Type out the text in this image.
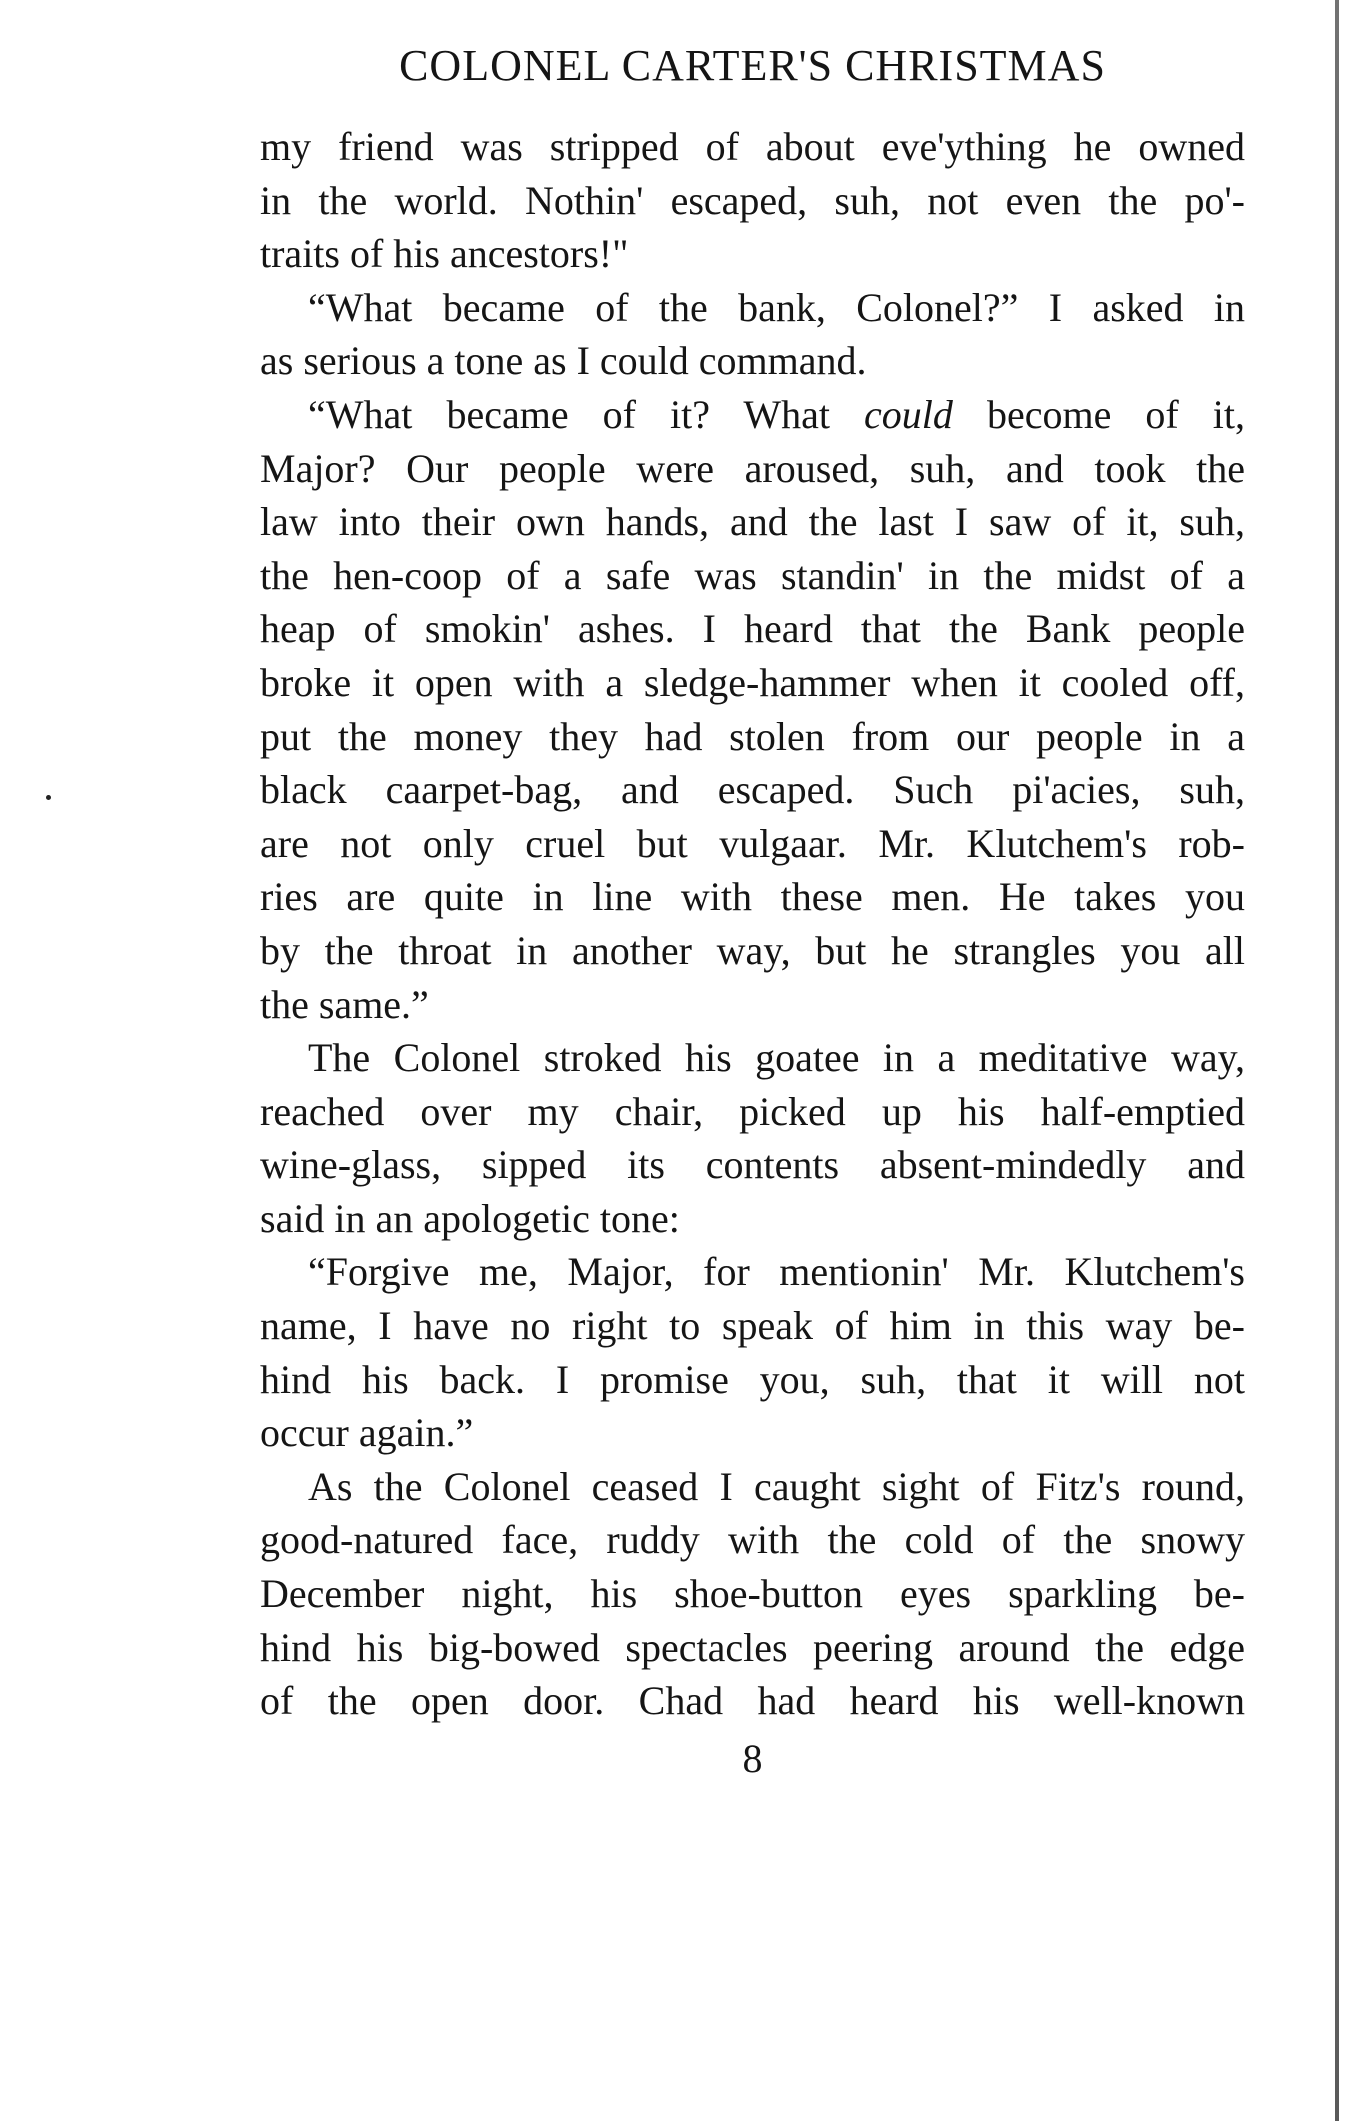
COLONEL CARTER'S CHRISTMAS
my friend was stripped of about eve'ything he owned
in the world. Nothin' escaped, suh, not even the po'-
traits of his ancestors!"
“What became of the bank, Colonel?” I asked in
as serious a tone as I could command.
“What became of it? What could become of it,
Major? Our people were aroused, suh, and took the
law into their own hands, and the last I saw of it, suh,
the hen-coop of a safe was standin' in the midst of a
heap of smokin' ashes. I heard that the Bank people
broke it open with a sledge-hammer when it cooled off,
put the money they had stolen from our people in a
black caarpet-bag, and escaped. Such pi'acies, suh,
are not only cruel but vulgaar. Mr. Klutchem's rob-
ries are quite in line with these men. He takes you
by the throat in another way, but he strangles you all
the same.”
The Colonel stroked his goatee in a meditative way,
reached over my chair, picked up his half-emptied
wine-glass, sipped its contents absent-mindedly and
said in an apologetic tone:
“Forgive me, Major, for mentionin' Mr. Klutchem's
name, I have no right to speak of him in this way be-
hind his back. I promise you, suh, that it will not
occur again.”
As the Colonel ceased I caught sight of Fitz's round,
good-natured face, ruddy with the cold of the snowy
December night, his shoe-button eyes sparkling be-
hind his big-bowed spectacles peering around the edge
of the open door. Chad had heard his well-known
8
